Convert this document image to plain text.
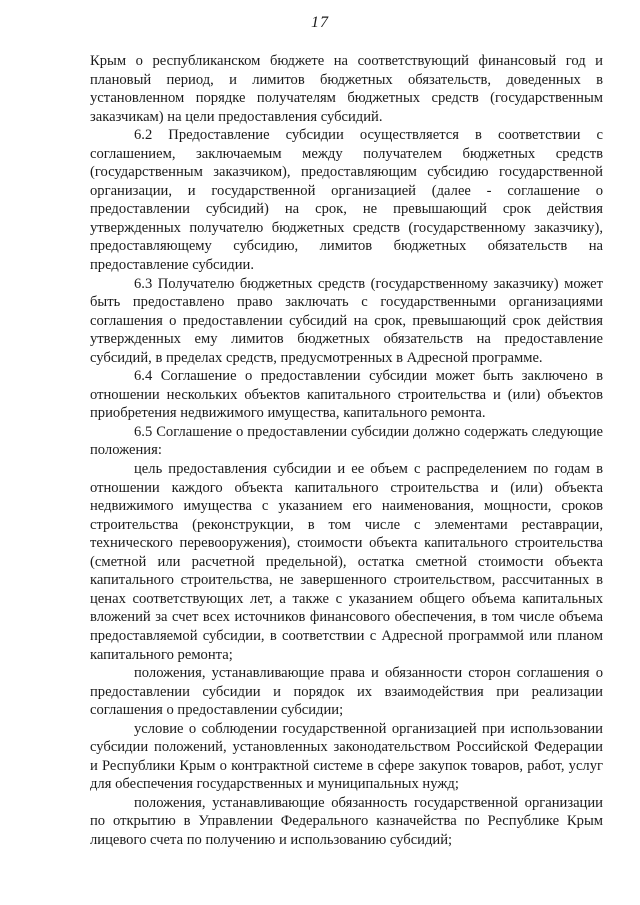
17

Крым о республиканском бюджете на соответствующий финансовый год и плановый период, и лимитов бюджетных обязательств, доведенных в установленном порядке получателям бюджетных средств (государственным заказчикам) на цели предоставления субсидий.

6.2 Предоставление субсидии осуществляется в соответствии с соглашением, заключаемым между получателем бюджетных средств (государственным заказчиком), предоставляющим субсидию государственной организации, и государственной организацией (далее - соглашение о предоставлении субсидий) на срок, не превышающий срок действия утвержденных получателю бюджетных средств (государственному заказчику), предоставляющему субсидию, лимитов бюджетных обязательств на предоставление субсидии.

6.3 Получателю бюджетных средств (государственному заказчику) может быть предоставлено право заключать с государственными организациями соглашения о предоставлении субсидий на срок, превышающий срок действия утвержденных ему лимитов бюджетных обязательств на предоставление субсидий, в пределах средств, предусмотренных в Адресной программе.

6.4 Соглашение о предоставлении субсидии может быть заключено в отношении нескольких объектов капитального строительства и (или) объектов приобретения недвижимого имущества, капитального ремонта.

6.5 Соглашение о предоставлении субсидии должно содержать следующие положения:

цель предоставления субсидии и ее объем с распределением по годам в отношении каждого объекта капитального строительства и (или) объекта недвижимого имущества с указанием его наименования, мощности, сроков строительства (реконструкции, в том числе с элементами реставрации, технического перевооружения), стоимости объекта капитального строительства (сметной или расчетной предельной), остатка сметной стоимости объекта капитального строительства, не завершенного строительством, рассчитанных в ценах соответствующих лет, а также с указанием общего объема капитальных вложений за счет всех источников финансового обеспечения, в том числе объема предоставляемой субсидии, в соответствии с Адресной программой или планом капитального ремонта;

положения, устанавливающие права и обязанности сторон соглашения о предоставлении субсидии и порядок их взаимодействия при реализации соглашения о предоставлении субсидии;

условие о соблюдении государственной организацией при использовании субсидии положений, установленных законодательством Российской Федерации и Республики Крым о контрактной системе в сфере закупок товаров, работ, услуг для обеспечения государственных и муниципальных нужд;

положения, устанавливающие обязанность государственной организации по открытию в Управлении Федерального казначейства по Республике Крым лицевого счета по получению и использованию субсидий;
